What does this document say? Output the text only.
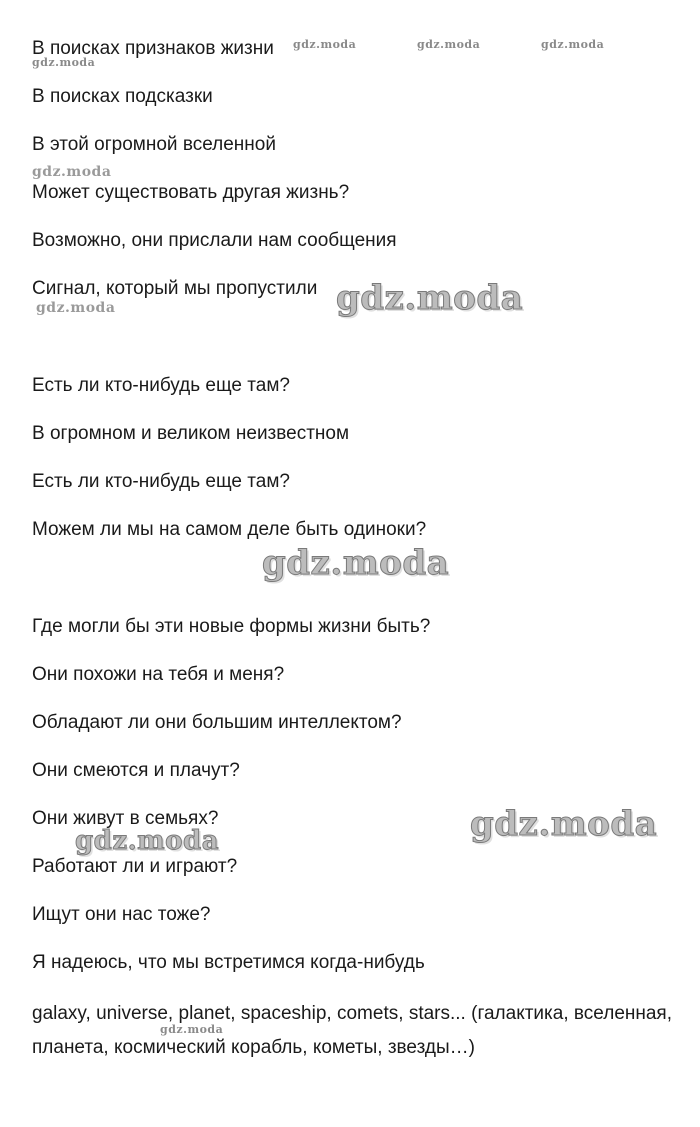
В поисках признаков жизни
В поисках подсказки
В этой огромной вселенной
Может существовать другая жизнь?
Возможно, они прислали нам сообщения
Сигнал, который мы пропустили
Есть ли кто-нибудь еще там?
В огромном и великом неизвестном
Есть ли кто-нибудь еще там?
Можем ли мы на самом деле быть одиноки?
Где могли бы эти новые формы жизни быть?
Они похожи на тебя и меня?
Обладают ли они большим интеллектом?
Они смеются и плачут?
Они живут в семьях?
Работают ли и играют?
Ищут они нас тоже?
Я надеюсь, что мы встретимся когда-нибудь
galaxy, universe, planet, spaceship, comets, stars... (галактика, вселенная, планета, космический корабль, кометы, звезды…)
gdz.moda	gdz.moda	gdz.moda
gdz.moda
gdz.moda
gdz.moda
gdz.moda
gdz.moda
gdz.moda
gdz.moda
gdz.moda
